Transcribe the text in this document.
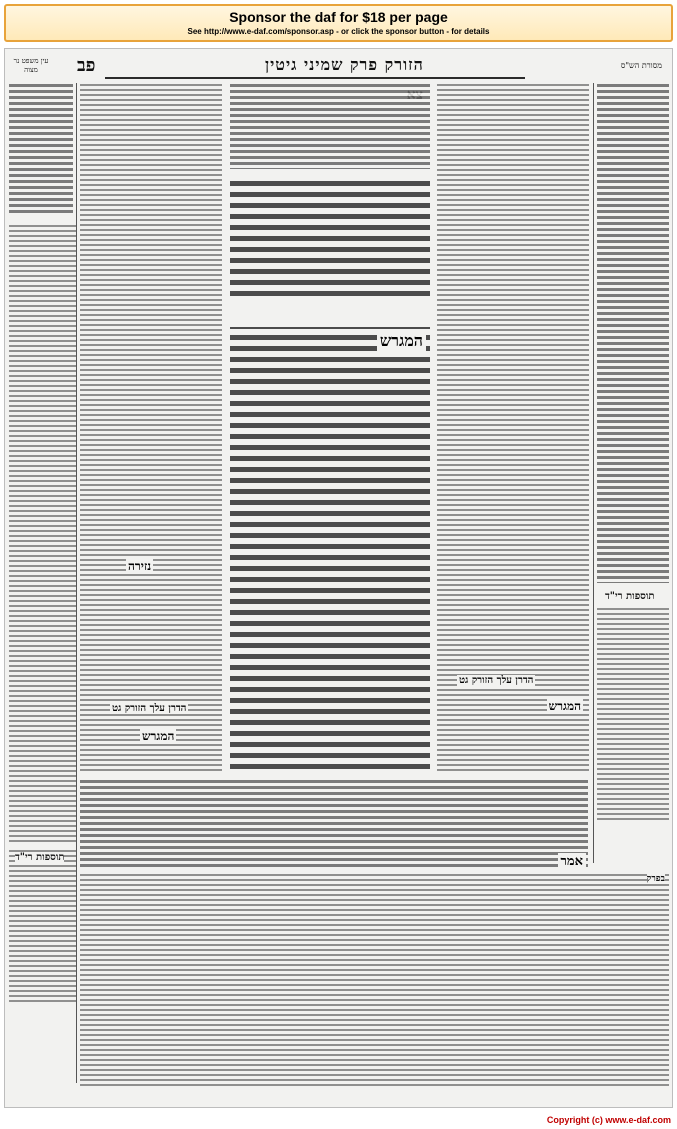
Sponsor the daf for $18 per page
See http://www.e-daf.com/sponsor.asp - or click the sponsor button - for details
עין משפט נר מצוה	פב	הזורק פרק שמיני גיטין	מסורת הש"ס
תוספות רי"ד
נזירה
הדרן עלך הזורק גט
המגרש
המגרש
הדרן עלך הזורק גט
המגרש
תוספות רי"ד
אמר
בפרק
Copyright (c) www.e-daf.com
